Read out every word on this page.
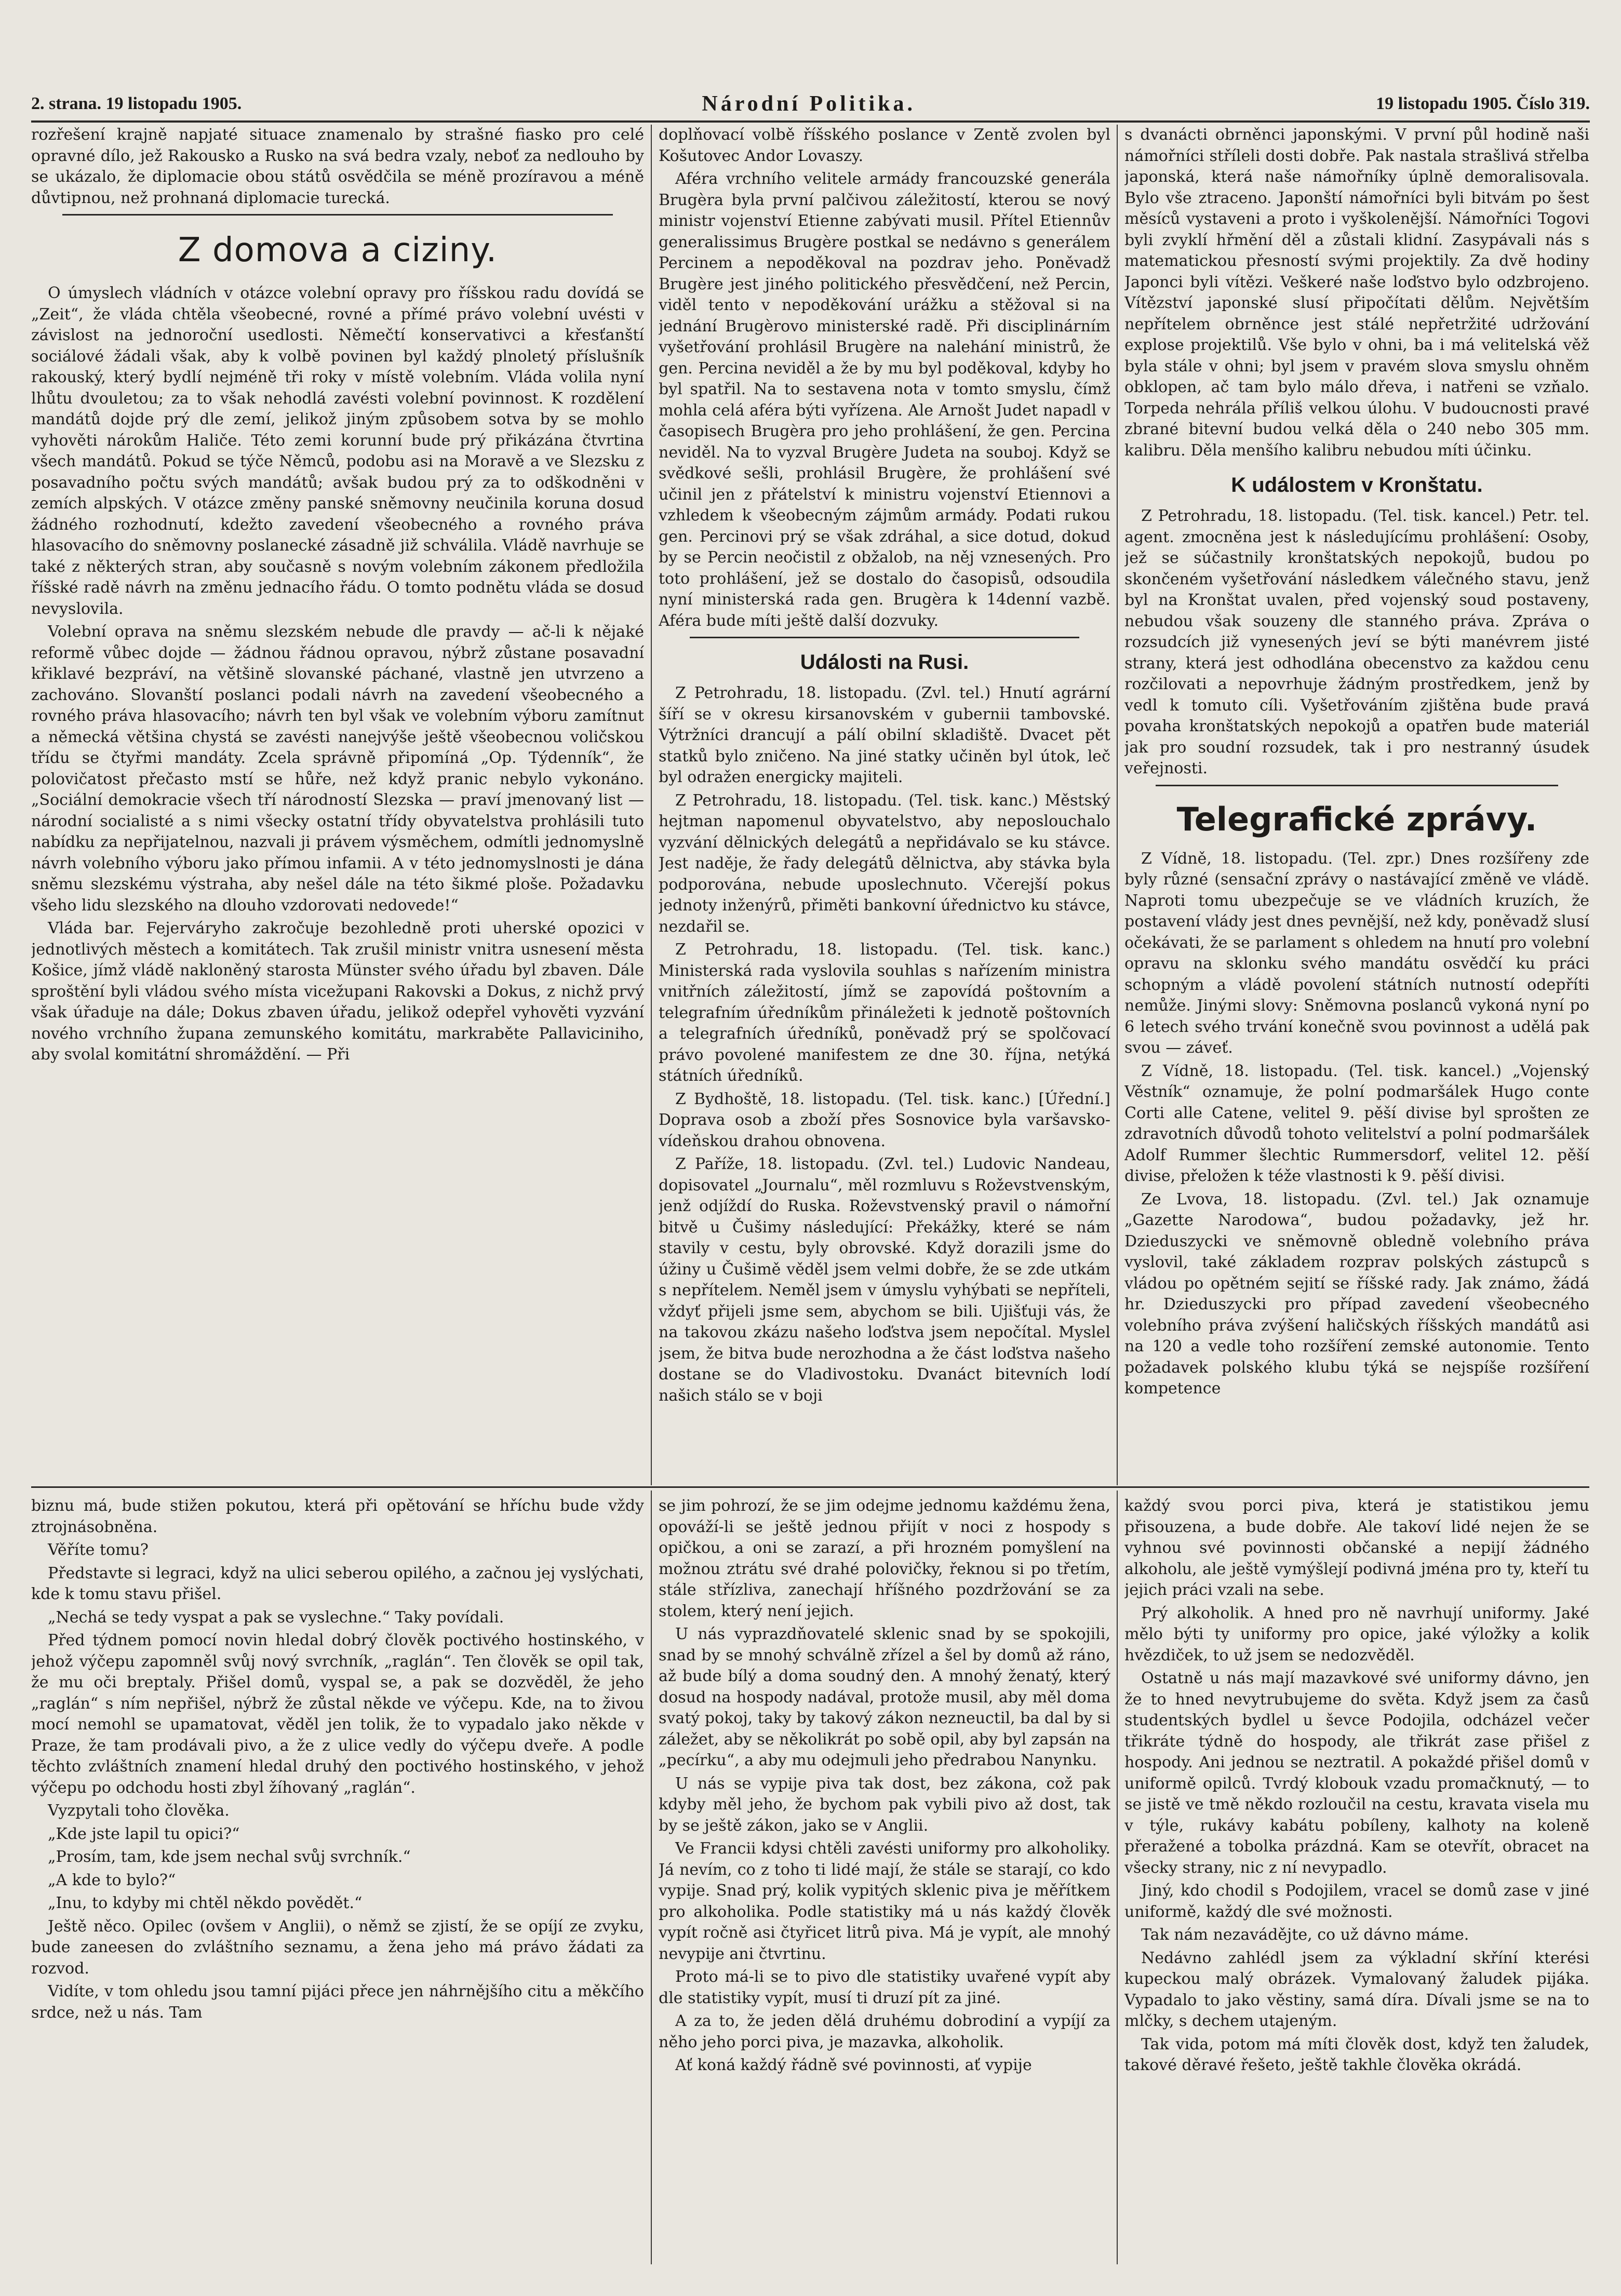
2. strana. 19 listopadu 1905.	Národní Politika.	19 listopadu 1905. Číslo 319.

rozřešení krajně napjaté situace znamenalo by strašné fiasko pro celé opravné dílo, jež Rakousko a Rusko na svá bedra vzaly, neboť za nedlouho by se ukázalo, že diplomacie obou států osvědčila se méně prozíravou a méně důvtipnou, než prohnaná diplomacie turecká.

Z domova a ciziny.

O úmyslech vládních v otázce volební opravy pro říšskou radu dovídá se „Zeit“, že vláda chtěla všeobecné, rovné a přímé právo volební uvésti v závislost na jednoroční usedlosti. Němečtí konservativci a křesťanští sociálové žádali však, aby k volbě povinen byl každý plnoletý příslušník rakouský, který bydlí nejméně tři roky v místě volebním. Vláda volila nyní lhůtu dvouletou; za to však nehodlá zavésti volební povinnost. K rozdělení mandátů dojde prý dle zemí, jelikož jiným způsobem sotva by se mohlo vyhověti nárokům Haliče. Této zemi korunní bude prý přikázána čtvrtina všech mandátů. Pokud se týče Němců, podobu asi na Moravě a ve Slezsku z posavadního počtu svých mandátů; avšak budou prý za to odškodněni v zemích alpských. V otázce změny panské sněmovny neučinila koruna dosud žádného rozhodnutí, kdežto zavedení všeobecného a rovného práva hlasovacího do sněmovny poslanecké zásadně již schválila. Vládě navrhuje se také z některých stran, aby současně s novým volebním zákonem předložila říšské radě návrh na změnu jednacího řádu. O tomto podnětu vláda se dosud nevyslovila.

Volební oprava na sněmu slezském nebude dle pravdy — ač-li k nějaké reformě vůbec dojde — žádnou řádnou opravou, nýbrž zůstane posavadní křiklavé bezpráví, na většině slovanské páchané, vlastně jen utvrzeno a zachováno. Slovanští poslanci podali návrh na zavedení všeobecného a rovného práva hlasovacího; návrh ten byl však ve volebním výboru zamítnut a německá většina chystá se zavésti nanejvýše ještě všeobecnou voličskou třídu se čtyřmi mandáty. Zcela správně připomíná „Op. Týdenník“, že polovičatost přečasto mstí se hůře, než když pranic nebylo vykonáno. „Sociální demokracie všech tří národností Slezska — praví jmenovaný list — národní socialisté a s nimi všecky ostatní třídy obyvatelstva prohlásili tuto nabídku za nepřijatelnou, nazvali ji právem výsměchem, odmítli jednomyslně návrh volebního výboru jako přímou infamii. A v této jednomyslnosti je dána sněmu slezskému výstraha, aby nešel dále na této šikmé ploše. Požadavku všeho lidu slezského na dlouho vzdorovati nedovede!“

Vláda bar. Fejerváryho zakročuje bezohledně proti uherské opozici v jednotlivých městech a komitátech. Tak zrušil ministr vnitra usnesení města Košice, jímž vládě nakloněný starosta Münster svého úřadu byl zbaven. Dále sproštění byli vládou svého místa vicežupani Rakovski a Dokus, z nichž prvý však úřaduje na dále; Dokus zbaven úřadu, jelikož odepřel vyhověti vyzvání nového vrchního župana zemunského komitátu, markraběte Pallaviciniho, aby svolal komitátní shromáždění. — Při

doplňovací volbě říšského poslance v Zentě zvolen byl Košutovec Andor Lovaszy.

Aféra vrchního velitele armády francouzské generála Brugèra byla první palčivou záležitostí, kterou se nový ministr vojenství Etienne zabývati musil. Přítel Etiennův generalissimus Brugère postkal se nedávno s generálem Percinem a nepoděkoval na pozdrav jeho. Poněvadž Brugère jest jiného politického přesvědčení, než Percin, viděl tento v nepoděkování urážku a stěžoval si na jednání Brugèrovo ministerské radě. Při disciplinárním vyšetřování prohlásil Brugère na nalehání ministrů, že gen. Percina neviděl a že by mu byl poděkoval, kdyby ho byl spatřil. Na to sestavena nota v tomto smyslu, čímž mohla celá aféra býti vyřízena. Ale Arnošt Judet napadl v časopisech Brugèra pro jeho prohlášení, že gen. Percina neviděl. Na to vyzval Brugère Judeta na souboj. Když se svědkové sešli, prohlásil Brugère, že prohlášení své učinil jen z přátelství k ministru vojenství Etiennovi a vzhledem k všeobecným zájmům armády. Podati rukou gen. Percinovi prý se však zdráhal, a sice dotud, dokud by se Percin neočistil z obžalob, na něj vznesených. Pro toto prohlášení, jež se dostalo do časopisů, odsoudila nyní ministerská rada gen. Brugèra k 14denní vazbě. Aféra bude míti ještě další dozvuky.

Události na Rusi.

Z Petrohradu, 18. listopadu. (Zvl. tel.) Hnutí agrární šíří se v okresu kirsanovském v gubernii tambovské. Výtržníci drancují a pálí obilní skladiště. Dvacet pět statků bylo zničeno. Na jiné statky učiněn byl útok, leč byl odražen energicky majiteli.

Z Petrohradu, 18. listopadu. (Tel. tisk. kanc.) Městský hejtman napomenul obyvatelstvo, aby neposlouchalo vyzvání dělnických delegátů a nepřidávalo se ku stávce. Jest naděje, že řady delegátů dělnictva, aby stávka byla podporována, nebude uposlechnuto. Včerejší pokus jednoty inženýrů, přiměti bankovní úřednictvo ku stávce, nezdařil se.

Z Petrohradu, 18. listopadu. (Tel. tisk. kanc.) Ministerská rada vyslovila souhlas s nařízením ministra vnitřních záležitostí, jímž se zapovídá poštovním a telegrafním úředníkům přináležeti k jednotě poštovních a telegrafních úředníků, poněvadž prý se spolčovací právo povolené manifestem ze dne 30. října, netýká státních úředníků.

Z Bydhoště, 18. listopadu. (Tel. tisk. kanc.) [Úřední.] Doprava osob a zboží přes Sosnovice byla varšavsko-vídeňskou drahou obnovena.

Z Paříže, 18. listopadu. (Zvl. tel.) Ludovic Nandeau, dopisovatel „Journalu“, měl rozmluvu s Roževstvenským, jenž odjíždí do Ruska. Roževstvenský pravil o námořní bitvě u Čušimy následující: Překážky, které se nám stavily v cestu, byly obrovské. Když dorazili jsme do úžiny u Čušimě věděl jsem velmi dobře, že se zde utkám s nepřítelem. Neměl jsem v úmyslu vyhýbati se nepříteli, vždyť přijeli jsme sem, abychom se bili. Ujišťuji vás, že na takovou zkázu našeho loďstva jsem nepočítal. Myslel jsem, že bitva bude nerozhodna a že část loďstva našeho dostane se do Vladivostoku. Dvanáct bitevních lodí našich stálo se v boji

s dvanácti obrněnci japonskými. V první půl hodině naši námořníci stříleli dosti dobře. Pak nastala strašlivá střelba japonská, která naše námořníky úplně demoralisovala. Bylo vše ztraceno. Japonští námořníci byli bitvám po šest měsíců vystaveni a proto i vyškolenější. Námořníci Togovi byli zvyklí hřmění děl a zůstali klidní. Zasypávali nás s matematickou přesností svými projektily. Za dvě hodiny Japonci byli vítězi. Veškeré naše loďstvo bylo odzbrojeno. Vítězství japonské slusí připočítati dělům. Největším nepřítelem obrněnce jest stálé nepřetržité udržování explose projektilů. Vše bylo v ohni, ba i má velitelská věž byla stále v ohni; byl jsem v pravém slova smyslu ohněm obklopen, ač tam bylo málo dřeva, i natřeni se vzňalo. Torpeda nehrála příliš velkou úlohu. V budoucnosti pravé zbrané bitevní budou velká děla o 240 nebo 305 mm. kalibru. Děla menšího kalibru nebudou míti účinku.

K událostem v Kronštatu.

Z Petrohradu, 18. listopadu. (Tel. tisk. kancel.) Petr. tel. agent. zmocněna jest k následujícímu prohlášení: Osoby, jež se súčastnily kronštatských nepokojů, budou po skončeném vyšetřování následkem válečného stavu, jenž byl na Kronštat uvalen, před vojenský soud postaveny, nebudou však souzeny dle stanného práva. Zpráva o rozsudcích již vynesených jeví se býti manévrem jisté strany, která jest odhodlána obecenstvo za každou cenu rozčilovati a nepovrhuje žádným prostředkem, jenž by vedl k tomuto cíli. Vyšetřováním zjištěna bude pravá povaha kronštatských nepokojů a opatřen bude materiál jak pro soudní rozsudek, tak i pro nestranný úsudek veřejnosti.

Telegrafické zprávy.

Z Vídně, 18. listopadu. (Tel. zpr.) Dnes rozšířeny zde byly různé (sensační zprávy o nastávající změně ve vládě. Naproti tomu ubezpečuje se ve vládních kruzích, že postavení vlády jest dnes pevnější, než kdy, poněvadž slusí očekávati, že se parlament s ohledem na hnutí pro volební opravu na sklonku svého mandátu osvědčí ku práci schopným a vládě povolení státních nutností odepříti nemůže. Jinými slovy: Sněmovna poslanců vykoná nyní po 6 letech svého trvání konečně svou povinnost a udělá pak svou — záveť.

Z Vídně, 18. listopadu. (Tel. tisk. kancel.) „Vojenský Věstník“ oznamuje, že polní podmaršálek Hugo conte Corti alle Catene, velitel 9. pěší divise byl sprošten ze zdravotních důvodů tohoto velitelství a polní podmaršálek Adolf Rummer šlechtic Rummersdorf, velitel 12. pěší divise, přeložen k téže vlastnosti k 9. pěší divisi.

Ze Lvova, 18. listopadu. (Zvl. tel.) Jak oznamuje „Gazette Narodowa“, budou požadavky, jež hr. Dzieduszycki ve sněmovně obledně volebního práva vyslovil, také základem rozprav polských zástupců s vládou po opětném sejití se říšské rady. Jak známo, žádá hr. Dzieduszycki pro případ zavedení všeobecného volebního práva zvýšení haličských říšských mandátů asi na 120 a vedle toho rozšíření zemské autonomie. Tento požadavek polského klubu týká se nejspíše rozšíření kompetence

biznu má, bude stižen pokutou, která při opětování se hříchu bude vždy ztrojnásobněna.

Věříte tomu?

Představte si legraci, když na ulici seberou opilého, a začnou jej vyslýchati, kde k tomu stavu přišel.

„Nechá se tedy vyspat a pak se vyslechne.“ Taky povídali.

Před týdnem pomocí novin hledal dobrý člověk poctivého hostinského, v jehož výčepu zapomněl svůj nový svrchník, „raglán“. Ten člověk se opil tak, že mu oči breptaly. Přišel domů, vyspal se, a pak se dozvěděl, že jeho „raglán“ s ním nepřišel, nýbrž že zůstal někde ve výčepu. Kde, na to živou mocí nemohl se upamatovat, věděl jen tolik, že to vypadalo jako někde v Praze, že tam prodávali pivo, a že z ulice vedly do výčepu dveře. A podle těchto zvláštních znamení hledal druhý den poctivého hostinského, v jehož výčepu po odchodu hosti zbyl žíhovaný „raglán“.

Vyzpytali toho člověka.

„Kde jste lapil tu opici?“

„Prosím, tam, kde jsem nechal svůj svrchník.“

„A kde to bylo?“

„Inu, to kdyby mi chtěl někdo povědět.“

Ještě něco. Opilec (ovšem v Anglii), o němž se zjistí, že se opíjí ze zvyku, bude zaneesen do zvláštního seznamu, a žena jeho má právo žádati za rozvod.

Vidíte, v tom ohledu jsou tamní pijáci přece jen náhrnějšího citu a měkčího srdce, než u nás. Tam

se jim pohrozí, že se jim odejme jednomu každému žena, opováží-li se ještě jednou přijít v noci z hospody s opičkou, a oni se zarazí, a při hrozném pomyšlení na možnou ztrátu své drahé polovičky, řeknou si po třetím, stále střízliva, zanechají hříšného pozdržování se za stolem, který není jejich.

U nás vyprazdňovatelé sklenic snad by se spokojili, snad by se mnohý schválně zřízel a šel by domů až ráno, až bude bílý a doma soudný den. A mnohý ženatý, který dosud na hospody nadával, protože musil, aby měl doma svatý pokoj, taky by takový zákon nezneuctil, ba dal by si záležet, aby se několikrát po sobě opil, aby byl zapsán na „pecírku“, a aby mu odejmuli jeho předrabou Nanynku.

U nás se vypije piva tak dost, bez zákona, což pak kdyby měl jeho, že bychom pak vybili pivo až dost, tak by se ještě zákon, jako se v Anglii.

Ve Francii kdysi chtěli zavésti uniformy pro alkoholiky. Já nevím, co z toho ti lidé mají, že stále se starají, co kdo vypije. Snad prý, kolik vypitých sklenic piva je měřítkem pro alkoholika. Podle statistiky má u nás každý člověk vypít ročně asi čtyřicet litrů piva. Má je vypít, ale mnohý nevypije ani čtvrtinu.

Proto má-li se to pivo dle statistiky uvařené vypít aby dle statistiky vypít, musí ti druzí pít za jiné.

A za to, že jeden dělá druhému dobrodiní a vypíjí za něho jeho porci piva, je mazavka, alkoholik.

Ať koná každý řádně své povinnosti, ať vypije

každý svou porci piva, která je statistikou jemu přisouzena, a bude dobře. Ale takoví lidé nejen že se vyhnou své povinnosti občanské a nepijí žádného alkoholu, ale ještě vymýšlejí podivná jména pro ty, kteří tu jejich práci vzali na sebe.

Prý alkoholik. A hned pro ně navrhují uniformy. Jaké mělo býti ty uniformy pro opice, jaké výložky a kolik hvězdiček, to už jsem se nedozvěděl.

Ostatně u nás mají mazavkové své uniformy dávno, jen že to hned nevytrubujeme do světa. Když jsem za časů studentských bydlel u ševce Podojila, odcházel večer třikráte týdně do hospody, ale třikrát zase přišel z hospody. Ani jednou se neztratil. A pokaždé přišel domů v uniformě opilců. Tvrdý klobouk vzadu promačknutý, — to se jistě ve tmě někdo rozloučil na cestu, kravata visela mu v týle, rukávy kabátu pobíleny, kalhoty na koleně přeražené a tobolka prázdná. Kam se otevřít, obracet na všecky strany, nic z ní nevypadlo.

Jiný, kdo chodil s Podojilem, vracel se domů zase v jiné uniformě, každý dle své možnosti.

Tak nám nezavádějte, co už dávno máme.

Nedávno zahlédl jsem za výkladní skříní kterési kupeckou malý obrázek. Vymalovaný žaludek pijáka. Vypadalo to jako věstiny, samá díra. Dívali jsme se na to mlčky, s dechem utajeným.

Tak vida, potom má míti člověk dost, když ten žaludek, takové děravé řešeto, ještě takhle člověka okrádá.
